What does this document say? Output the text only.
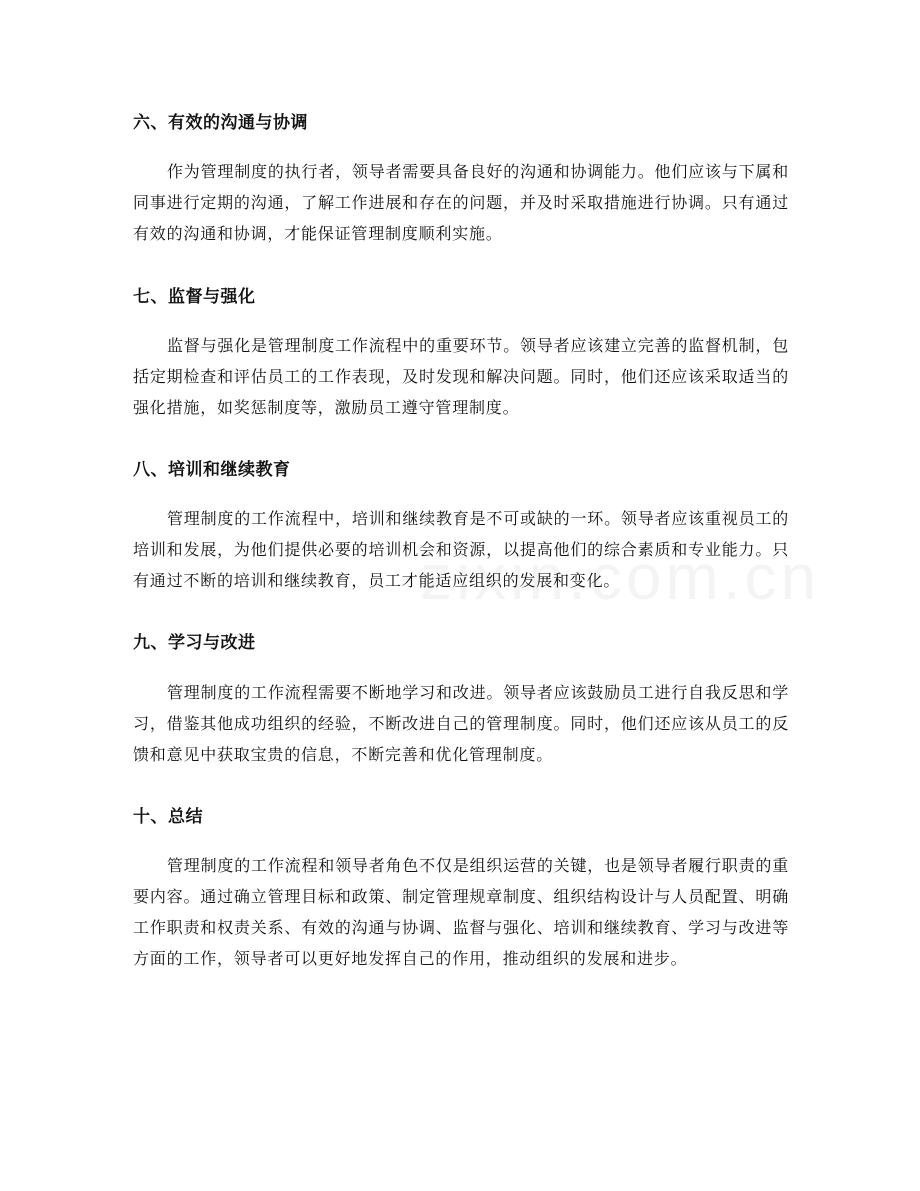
六、有效的沟通与协调

作为管理制度的执行者，领导者需要具备良好的沟通和协调能力。他们应该与下属和同事进行定期的沟通，了解工作进展和存在的问题，并及时采取措施进行协调。只有通过有效的沟通和协调，才能保证管理制度顺利实施。

七、监督与强化

监督与强化是管理制度工作流程中的重要环节。领导者应该建立完善的监督机制，包括定期检查和评估员工的工作表现，及时发现和解决问题。同时，他们还应该采取适当的强化措施，如奖惩制度等，激励员工遵守管理制度。

八、培训和继续教育

管理制度的工作流程中，培训和继续教育是不可或缺的一环。领导者应该重视员工的培训和发展，为他们提供必要的培训机会和资源，以提高他们的综合素质和专业能力。只有通过不断的培训和继续教育，员工才能适应组织的发展和变化。

九、学习与改进

管理制度的工作流程需要不断地学习和改进。领导者应该鼓励员工进行自我反思和学习，借鉴其他成功组织的经验，不断改进自己的管理制度。同时，他们还应该从员工的反馈和意见中获取宝贵的信息，不断完善和优化管理制度。

十、总结

管理制度的工作流程和领导者角色不仅是组织运营的关键，也是领导者履行职责的重要内容。通过确立管理目标和政策、制定管理规章制度、组织结构设计与人员配置、明确工作职责和权责关系、有效的沟通与协调、监督与强化、培训和继续教育、学习与改进等方面的工作，领导者可以更好地发挥自己的作用，推动组织的发展和进步。
